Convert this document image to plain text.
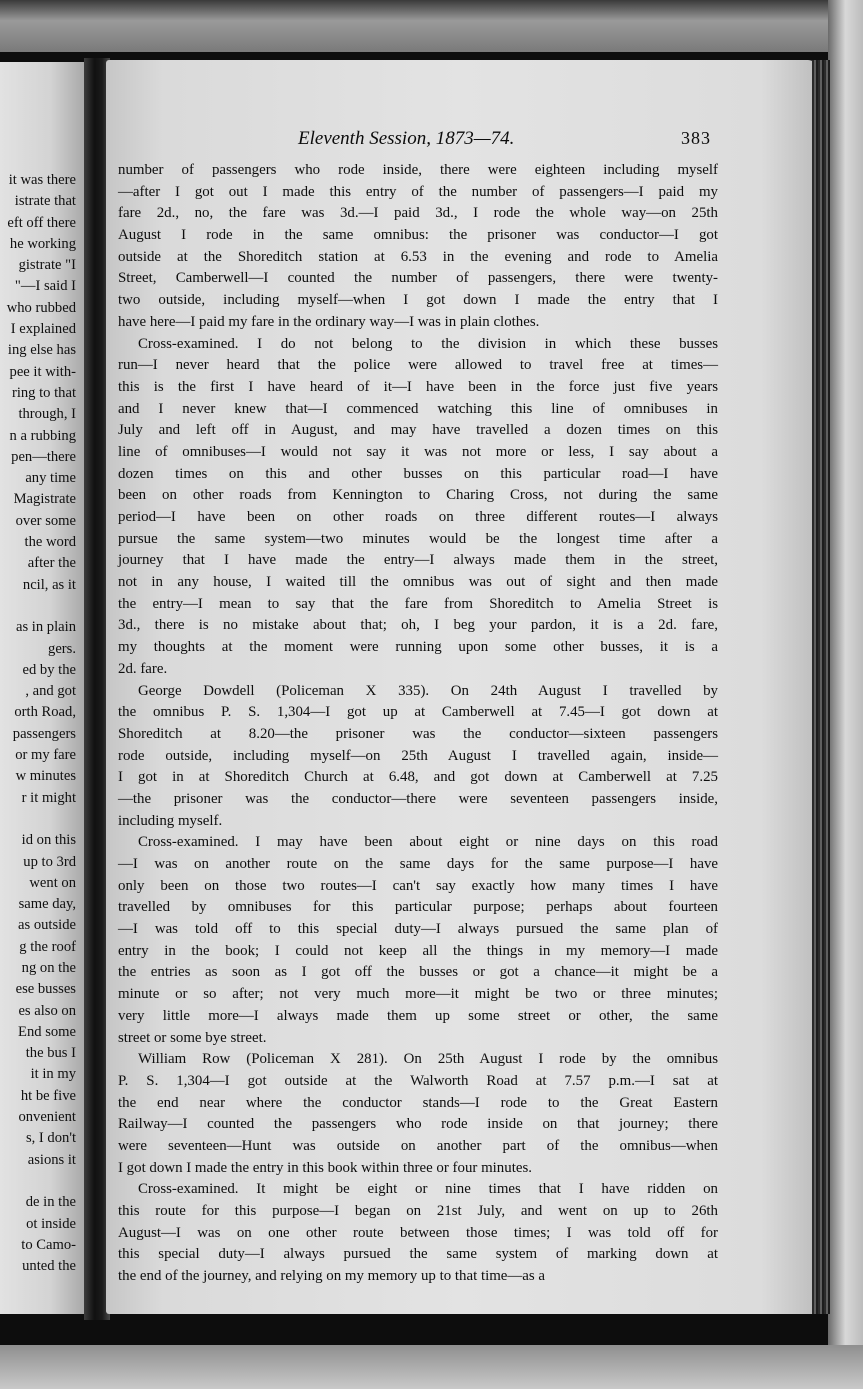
it was there
istrate that
eft off there
he working
gistrate "I
"—I said I
who rubbed
I explained
ing else has
pee it with-
ring to that
through, I
n a rubbing
pen—there
any time
Magistrate
over some
the word
after the
ncil, as it
as in plain
gers.
ed by the
, and got
orth Road,
passengers
or my fare
w minutes
r it might
id on this
up to 3rd
went on
same day,
as outside
g the roof
ng on the
ese busses
es also on
End some
the bus I
it in my
ht be five
onvenient
s, I don't
asions it
de in the
ot inside
to Camo-
unted the
Eleventh Session, 1873—74.	383
number of passengers who rode inside, there were eighteen including myself
—after I got out I made this entry of the number of passengers—I paid my
fare 2d., no, the fare was 3d.—I paid 3d., I rode the whole way—on 25th
August I rode in the same omnibus: the prisoner was conductor—I got
outside at the Shoreditch station at 6.53 in the evening and rode to Amelia
Street, Camberwell—I counted the number of passengers, there were twenty-
two outside, including myself—when I got down I made the entry that I
have here—I paid my fare in the ordinary way—I was in plain clothes.
Cross-examined. I do not belong to the division in which these busses
run—I never heard that the police were allowed to travel free at times—
this is the first I have heard of it—I have been in the force just five years
and I never knew that—I commenced watching this line of omnibuses in
July and left off in August, and may have travelled a dozen times on this
line of omnibuses—I would not say it was not more or less, I say about a
dozen times on this and other busses on this particular road—I have
been on other roads from Kennington to Charing Cross, not during the same
period—I have been on other roads on three different routes—I always
pursue the same system—two minutes would be the longest time after a
journey that I have made the entry—I always made them in the street,
not in any house, I waited till the omnibus was out of sight and then made
the entry—I mean to say that the fare from Shoreditch to Amelia Street is
3d., there is no mistake about that; oh, I beg your pardon, it is a 2d. fare,
my thoughts at the moment were running upon some other busses, it is a
2d. fare.
George Dowdell (Policeman X 335). On 24th August I travelled by
the omnibus P. S. 1,304—I got up at Camberwell at 7.45—I got down at
Shoreditch at 8.20—the prisoner was the conductor—sixteen passengers
rode outside, including myself—on 25th August I travelled again, inside—
I got in at Shoreditch Church at 6.48, and got down at Camberwell at 7.25
—the prisoner was the conductor—there were seventeen passengers inside,
including myself.
Cross-examined. I may have been about eight or nine days on this road
—I was on another route on the same days for the same purpose—I have
only been on those two routes—I can't say exactly how many times I have
travelled by omnibuses for this particular purpose; perhaps about fourteen
—I was told off to this special duty—I always pursued the same plan of
entry in the book; I could not keep all the things in my memory—I made
the entries as soon as I got off the busses or got a chance—it might be a
minute or so after; not very much more—it might be two or three minutes;
very little more—I always made them up some street or other, the same
street or some bye street.
William Row (Policeman X 281). On 25th August I rode by the omnibus
P. S. 1,304—I got outside at the Walworth Road at 7.57 p.m.—I sat at
the end near where the conductor stands—I rode to the Great Eastern
Railway—I counted the passengers who rode inside on that journey; there
were seventeen—Hunt was outside on another part of the omnibus—when
I got down I made the entry in this book within three or four minutes.
Cross-examined. It might be eight or nine times that I have ridden on
this route for this purpose—I began on 21st July, and went on up to 26th
August—I was on one other route between those times; I was told off for
this special duty—I always pursued the same system of marking down at
the end of the journey, and relying on my memory up to that time—as a
